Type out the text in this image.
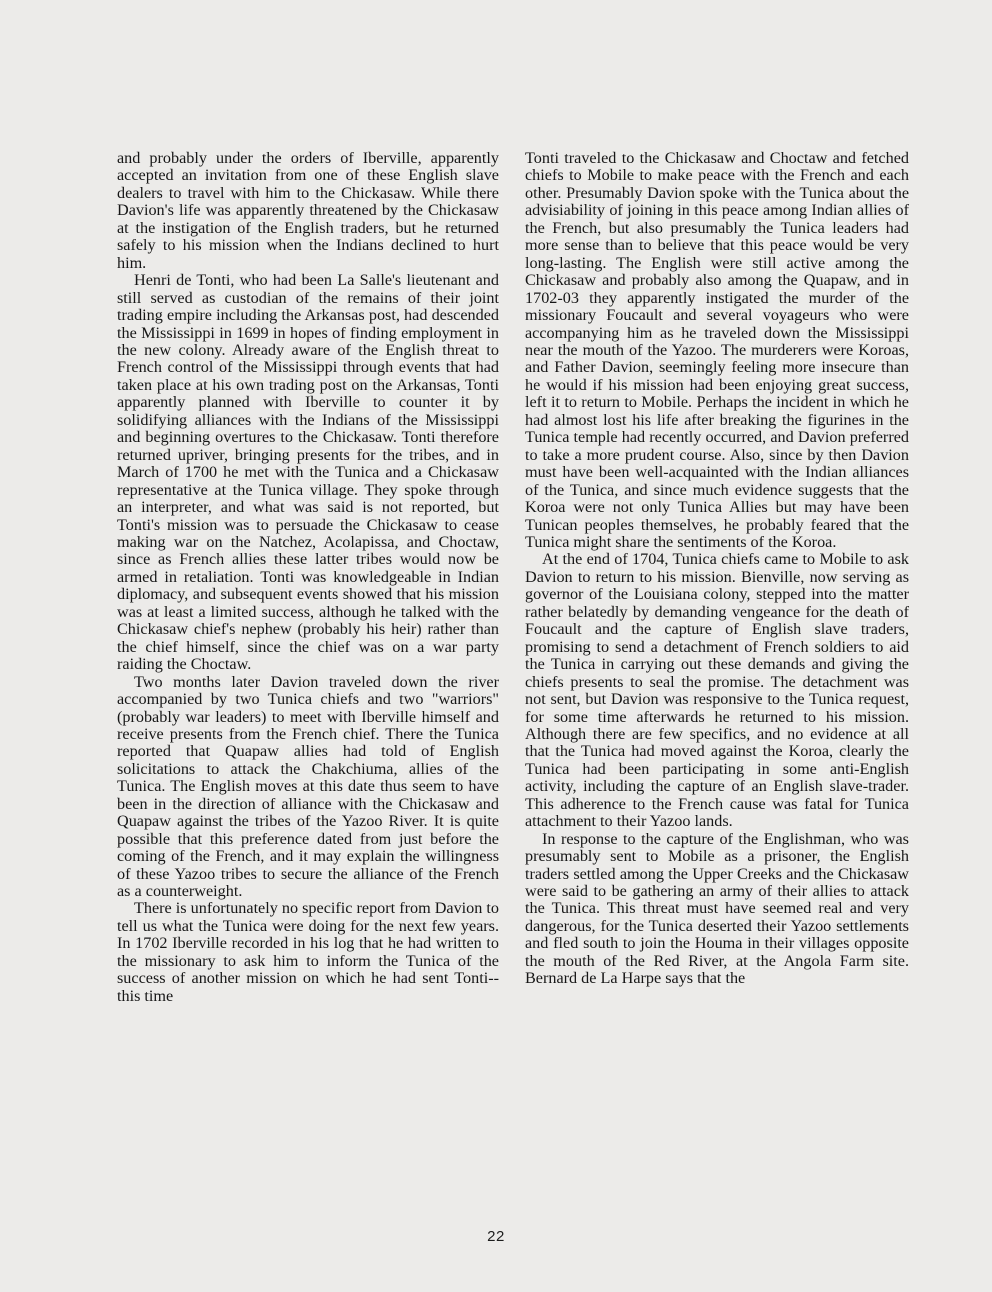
and probably under the orders of Iberville, apparently accepted an invitation from one of these English slave dealers to travel with him to the Chickasaw. While there Davion's life was apparently threatened by the Chickasaw at the instigation of the English traders, but he returned safely to his mission when the Indians declined to hurt him.

Henri de Tonti, who had been La Salle's lieutenant and still served as custodian of the remains of their joint trading empire including the Arkansas post, had descended the Mississippi in 1699 in hopes of finding employment in the new colony. Already aware of the English threat to French control of the Mississippi through events that had taken place at his own trading post on the Arkansas, Tonti apparently planned with Iberville to counter it by solidifying alliances with the Indians of the Mississippi and beginning overtures to the Chickasaw. Tonti therefore returned upriver, bringing presents for the tribes, and in March of 1700 he met with the Tunica and a Chickasaw representative at the Tunica village. They spoke through an interpreter, and what was said is not reported, but Tonti's mission was to persuade the Chickasaw to cease making war on the Natchez, Acolapissa, and Choctaw, since as French allies these latter tribes would now be armed in retaliation. Tonti was knowledgeable in Indian diplomacy, and subsequent events showed that his mission was at least a limited success, although he talked with the Chickasaw chief's nephew (probably his heir) rather than the chief himself, since the chief was on a war party raiding the Choctaw.

Two months later Davion traveled down the river accompanied by two Tunica chiefs and two "warriors" (probably war leaders) to meet with Iberville himself and receive presents from the French chief. There the Tunica reported that Quapaw allies had told of English solicitations to attack the Chakchiuma, allies of the Tunica. The English moves at this date thus seem to have been in the direction of alliance with the Chickasaw and Quapaw against the tribes of the Yazoo River. It is quite possible that this preference dated from just before the coming of the French, and it may explain the willingness of these Yazoo tribes to secure the alliance of the French as a counterweight.

There is unfortunately no specific report from Davion to tell us what the Tunica were doing for the next few years. In 1702 Iberville recorded in his log that he had written to the missionary to ask him to inform the Tunica of the success of another mission on which he had sent Tonti--this time

Tonti traveled to the Chickasaw and Choctaw and fetched chiefs to Mobile to make peace with the French and each other. Presumably Davion spoke with the Tunica about the advisiability of joining in this peace among Indian allies of the French, but also presumably the Tunica leaders had more sense than to believe that this peace would be very long-lasting. The English were still active among the Chickasaw and probably also among the Quapaw, and in 1702-03 they apparently instigated the murder of the missionary Foucault and several voyageurs who were accompanying him as he traveled down the Mississippi near the mouth of the Yazoo. The murderers were Koroas, and Father Davion, seemingly feeling more insecure than he would if his mission had been enjoying great success, left it to return to Mobile. Perhaps the incident in which he had almost lost his life after breaking the figurines in the Tunica temple had recently occurred, and Davion preferred to take a more prudent course. Also, since by then Davion must have been well-acquainted with the Indian alliances of the Tunica, and since much evidence suggests that the Koroa were not only Tunica Allies but may have been Tunican peoples themselves, he probably feared that the Tunica might share the sentiments of the Koroa.

At the end of 1704, Tunica chiefs came to Mobile to ask Davion to return to his mission. Bienville, now serving as governor of the Louisiana colony, stepped into the matter rather belatedly by demanding vengeance for the death of Foucault and the capture of English slave traders, promising to send a detachment of French soldiers to aid the Tunica in carrying out these demands and giving the chiefs presents to seal the promise. The detachment was not sent, but Davion was responsive to the Tunica request, for some time afterwards he returned to his mission. Although there are few specifics, and no evidence at all that the Tunica had moved against the Koroa, clearly the Tunica had been participating in some anti-English activity, including the capture of an English slave-trader. This adherence to the French cause was fatal for Tunica attachment to their Yazoo lands.

In response to the capture of the Englishman, who was presumably sent to Mobile as a prisoner, the English traders settled among the Upper Creeks and the Chickasaw were said to be gathering an army of their allies to attack the Tunica. This threat must have seemed real and very dangerous, for the Tunica deserted their Yazoo settlements and fled south to join the Houma in their villages opposite the mouth of the Red River, at the Angola Farm site. Bernard de La Harpe says that the

22
